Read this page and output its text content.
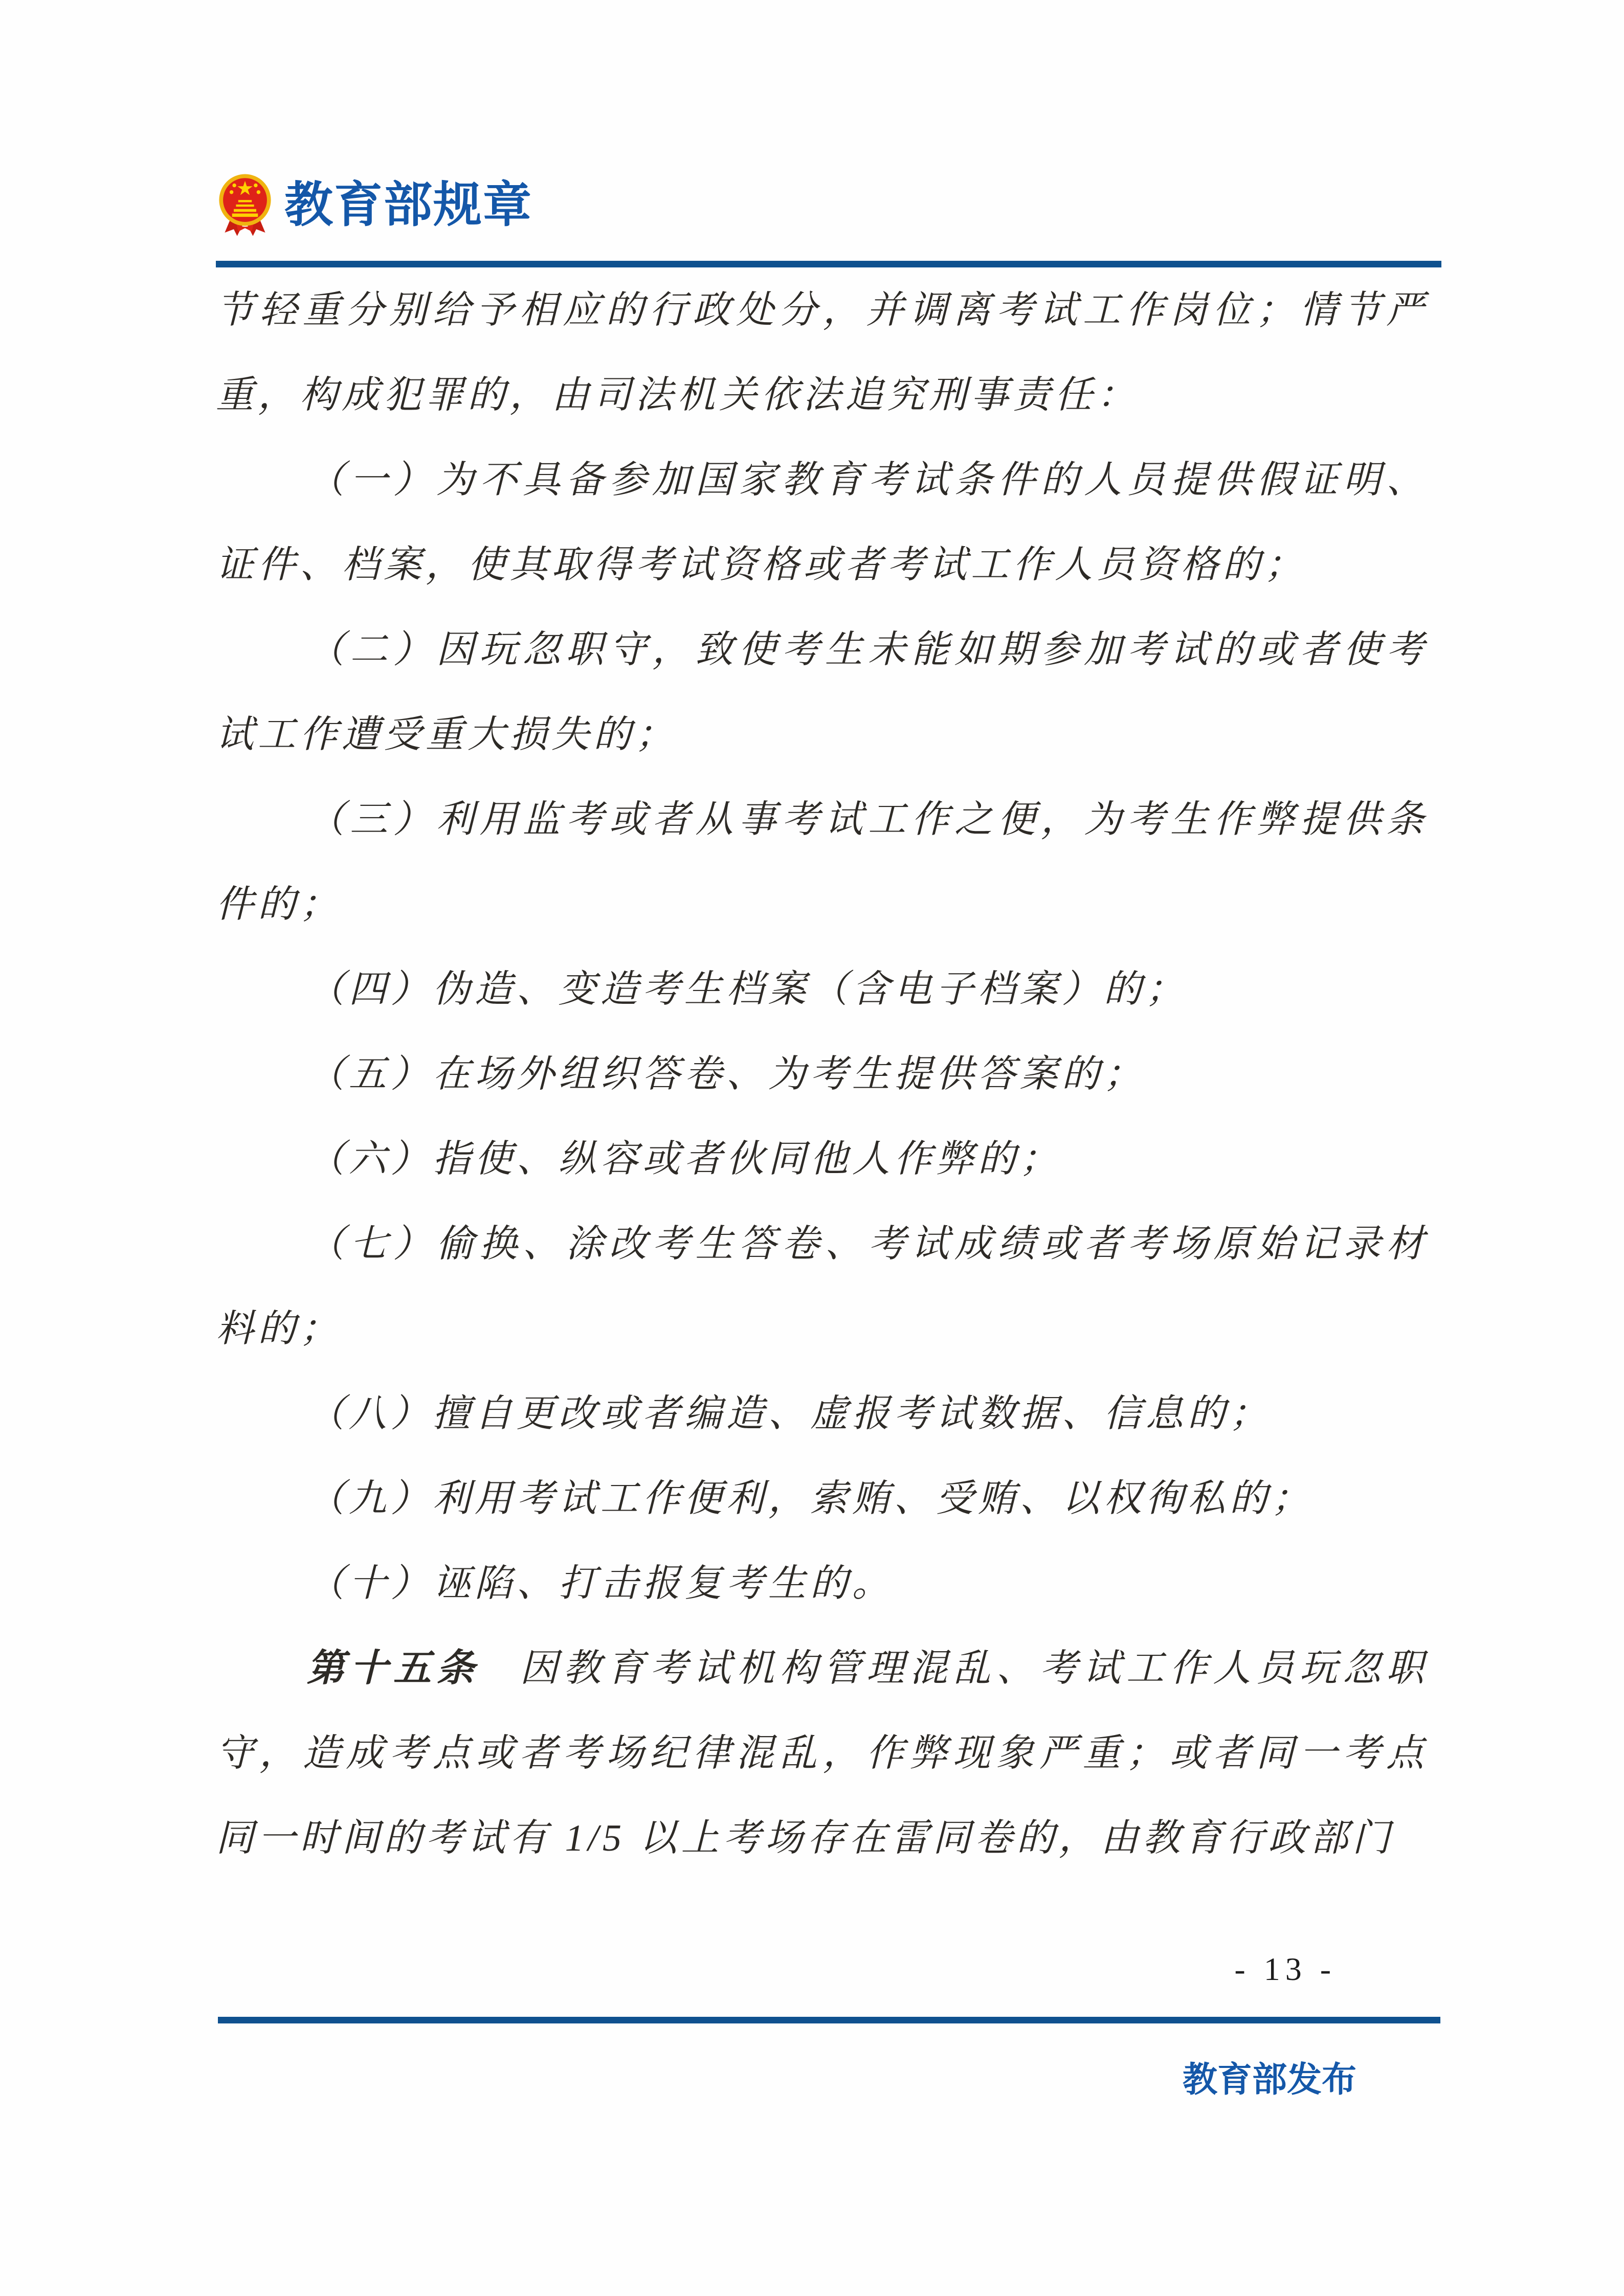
教育部规章

节轻重分别给予相应的行政处分，并调离考试工作岗位；情节严重，构成犯罪的，由司法机关依法追究刑事责任：

（一）为不具备参加国家教育考试条件的人员提供假证明、证件、档案，使其取得考试资格或者考试工作人员资格的；

（二）因玩忽职守，致使考生未能如期参加考试的或者使考试工作遭受重大损失的；

（三）利用监考或者从事考试工作之便，为考生作弊提供条件的；

（四）伪造、变造考生档案（含电子档案）的；

（五）在场外组织答卷、为考生提供答案的；

（六）指使、纵容或者伙同他人作弊的；

（七）偷换、涂改考生答卷、考试成绩或者考场原始记录材料的；

（八）擅自更改或者编造、虚报考试数据、信息的；

（九）利用考试工作便利，索贿、受贿、以权徇私的；

（十）诬陷、打击报复考生的。

第十五条 因教育考试机构管理混乱、考试工作人员玩忽职守，造成考点或者考场纪律混乱，作弊现象严重；或者同一考点同一时间的考试有 1/5 以上考场存在雷同卷的，由教育行政部门

- 13 -
教育部发布
